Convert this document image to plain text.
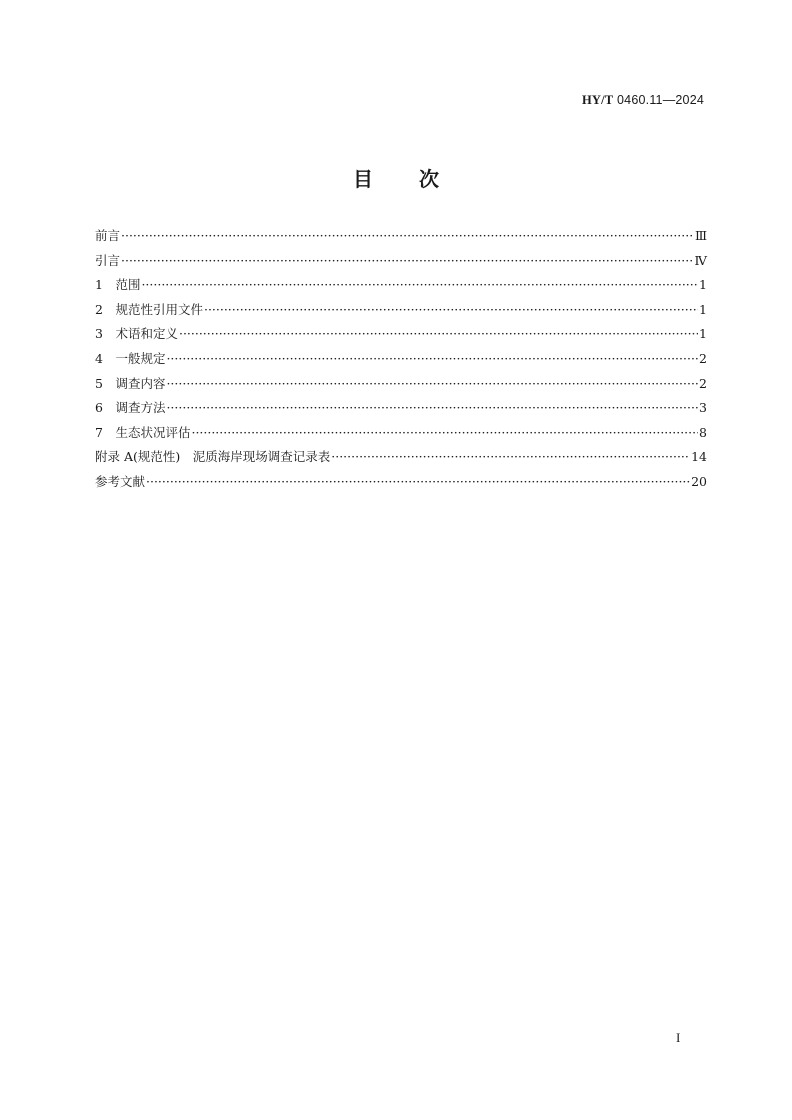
HY/T 0460.11—2024
目 次
前言 ·····	Ⅲ
引言 ·····	Ⅳ
1　范围 ·····	1
2　规范性引用文件 ·····	1
3　术语和定义 ·····	1
4　一般规定 ·····	2
5　调查内容 ·····	2
6　调查方法 ·····	3
7　生态状况评估 ·····	8
附录 A(规范性)　泥质海岸现场调查记录表 ·····	14
参考文献 ·····	20
I
